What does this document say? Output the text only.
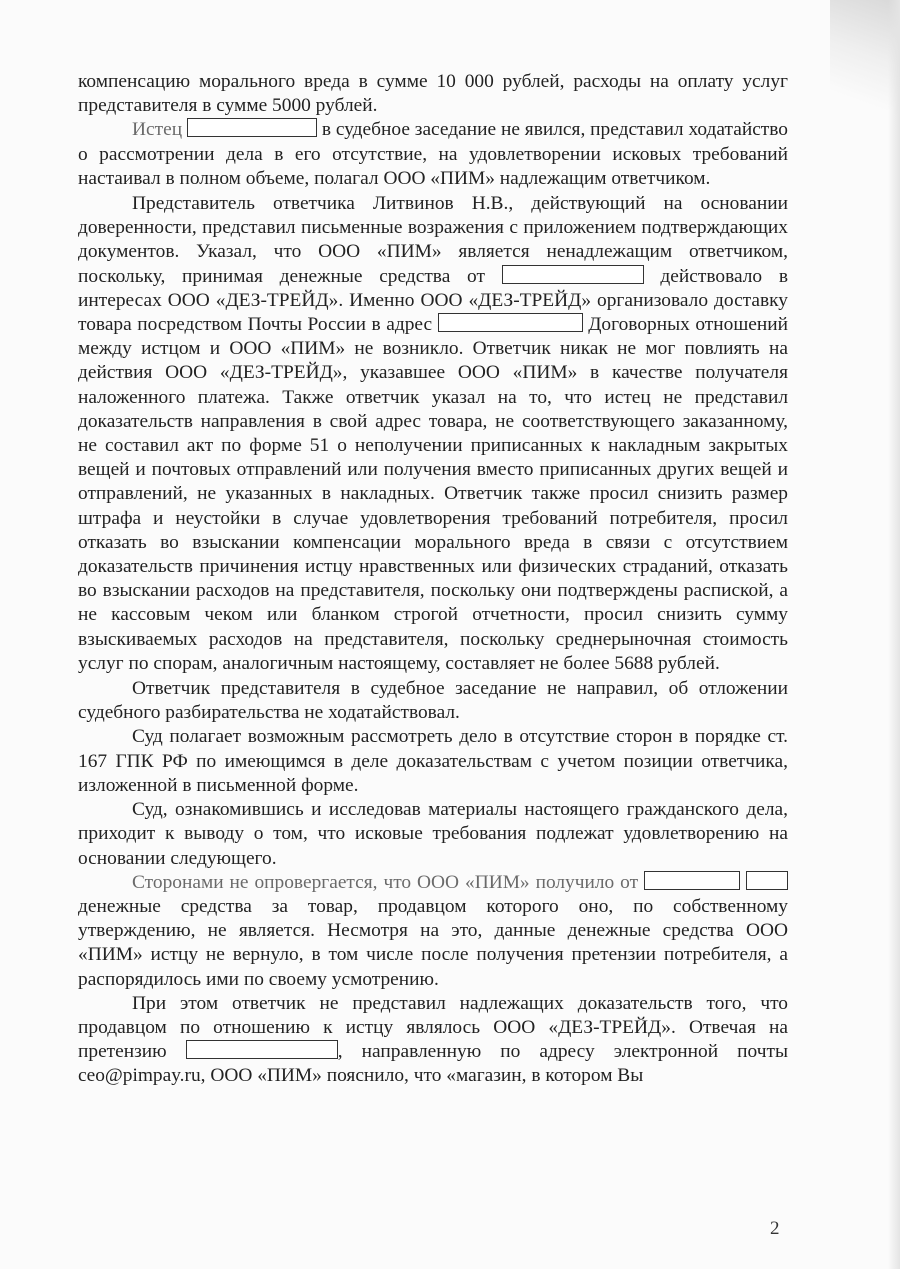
компенсацию морального вреда в сумме 10 000 рублей, расходы на оплату услуг представителя в сумме 5000 рублей.

Истец	в судебное заседание не явился, представил ходатайство о рассмотрении дела в его отсутствие, на удовлетворении исковых требований настаивал в полном объеме, полагал ООО «ПИМ» надлежащим ответчиком.

Представитель ответчика Литвинов Н.В., действующий на основании доверенности, представил письменные возражения с приложением подтверждающих документов. Указал, что ООО «ПИМ» является ненадлежащим ответчиком, поскольку, принимая денежные средства от	действовало в интересах ООО «ДЕЗ-ТРЕЙД». Именно ООО «ДЕЗ-ТРЕЙД» организовало доставку товара посредством Почты России в адрес	Договорных отношений между истцом и ООО «ПИМ» не возникло. Ответчик никак не мог повлиять на действия ООО «ДЕЗ-ТРЕЙД», указавшее ООО «ПИМ» в качестве получателя наложенного платежа. Также ответчик указал на то, что истец не представил доказательств направления в свой адрес товара, не соответствующего заказанному, не составил акт по форме 51 о неполучении приписанных к накладным закрытых вещей и почтовых отправлений или получения вместо приписанных других вещей и отправлений, не указанных в накладных. Ответчик также просил снизить размер штрафа и неустойки в случае удовлетворения требований потребителя, просил отказать во взыскании компенсации морального вреда в связи с отсутствием доказательств причинения истцу нравственных или физических страданий, отказать во взыскании расходов на представителя, поскольку они подтверждены распиской, а не кассовым чеком или бланком строгой отчетности, просил снизить сумму взыскиваемых расходов на представителя, поскольку среднерыночная стоимость услуг по спорам, аналогичным настоящему, составляет не более 5688 рублей.

Ответчик представителя в судебное заседание не направил, об отложении судебного разбирательства не ходатайствовал.

Суд полагает возможным рассмотреть дело в отсутствие сторон в порядке ст. 167 ГПК РФ по имеющимся в деле доказательствам с учетом позиции ответчика, изложенной в письменной форме.

Суд, ознакомившись и исследовав материалы настоящего гражданского дела, приходит к выводу о том, что исковые требования подлежат удовлетворению на основании следующего.

Сторонами не опровергается, что ООО «ПИМ» получило от   денежные средства за товар, продавцом которого оно, по собственному утверждению, не является. Несмотря на это, данные денежные средства ООО «ПИМ» истцу не вернуло, в том числе после получения претензии потребителя, а распорядилось ими по своему усмотрению.

При этом ответчик не представил надлежащих доказательств того, что продавцом по отношению к истцу являлось ООО «ДЕЗ-ТРЕЙД». Отвечая на претензию	, направленную по адресу электронной почты ceo@pimpay.ru, ООО «ПИМ» пояснило, что «магазин, в котором Вы

2
